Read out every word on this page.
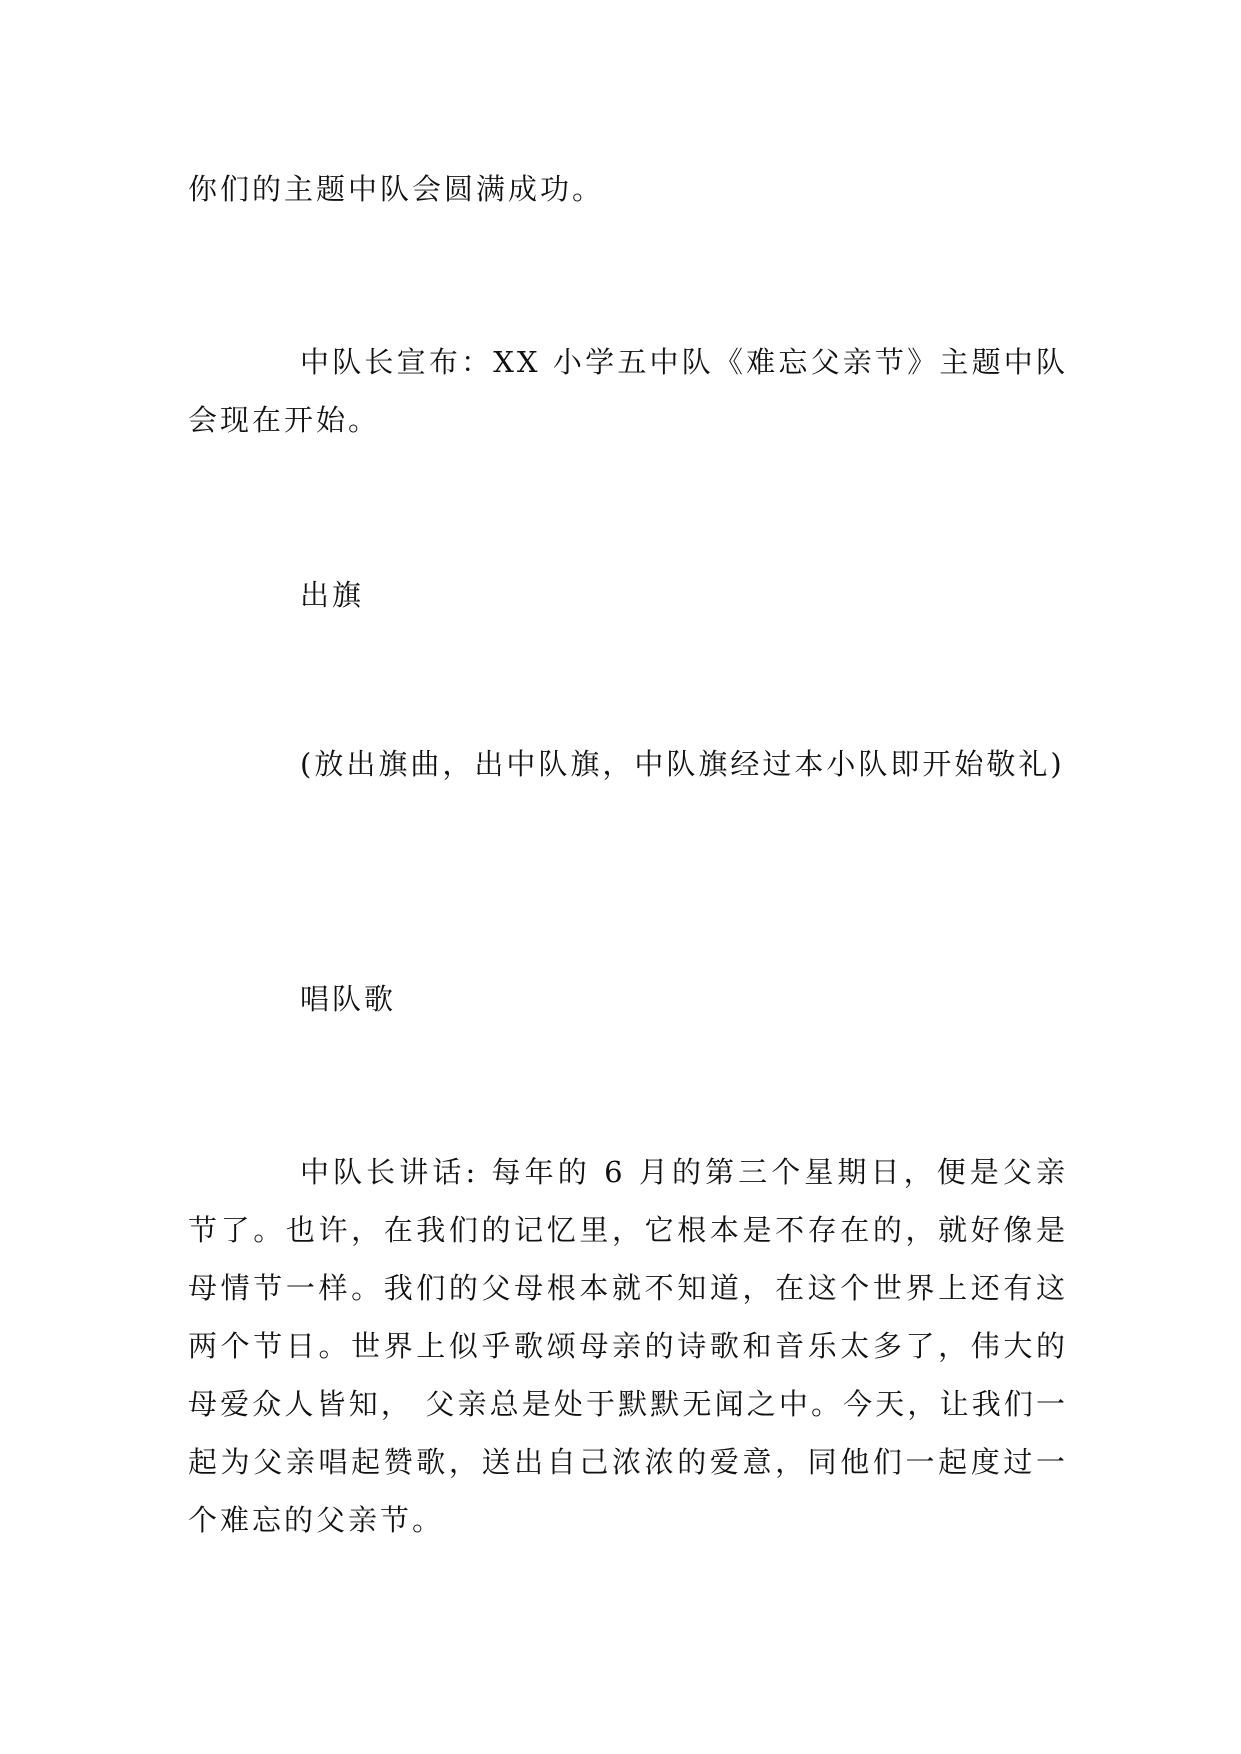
你们的主题中队会圆满成功。

中队长宣布：XX 小学五中队《难忘父亲节》主题中队会现在开始。

出旗

(放出旗曲，出中队旗，中队旗经过本小队即开始敬礼)

唱队歌

中队长讲话: 每年的 6 月的第三个星期日，便是父亲节了。也许，在我们的记忆里，它根本是不存在的，就好像是母情节一样。我们的父母根本就不知道，在这个世界上还有这两个节日。世界上似乎歌颂母亲的诗歌和音乐太多了，伟大的母爱众人皆知， 父亲总是处于默默无闻之中。今天，让我们一起为父亲唱起赞歌，送出自己浓浓的爱意，同他们一起度过一个难忘的父亲节。
